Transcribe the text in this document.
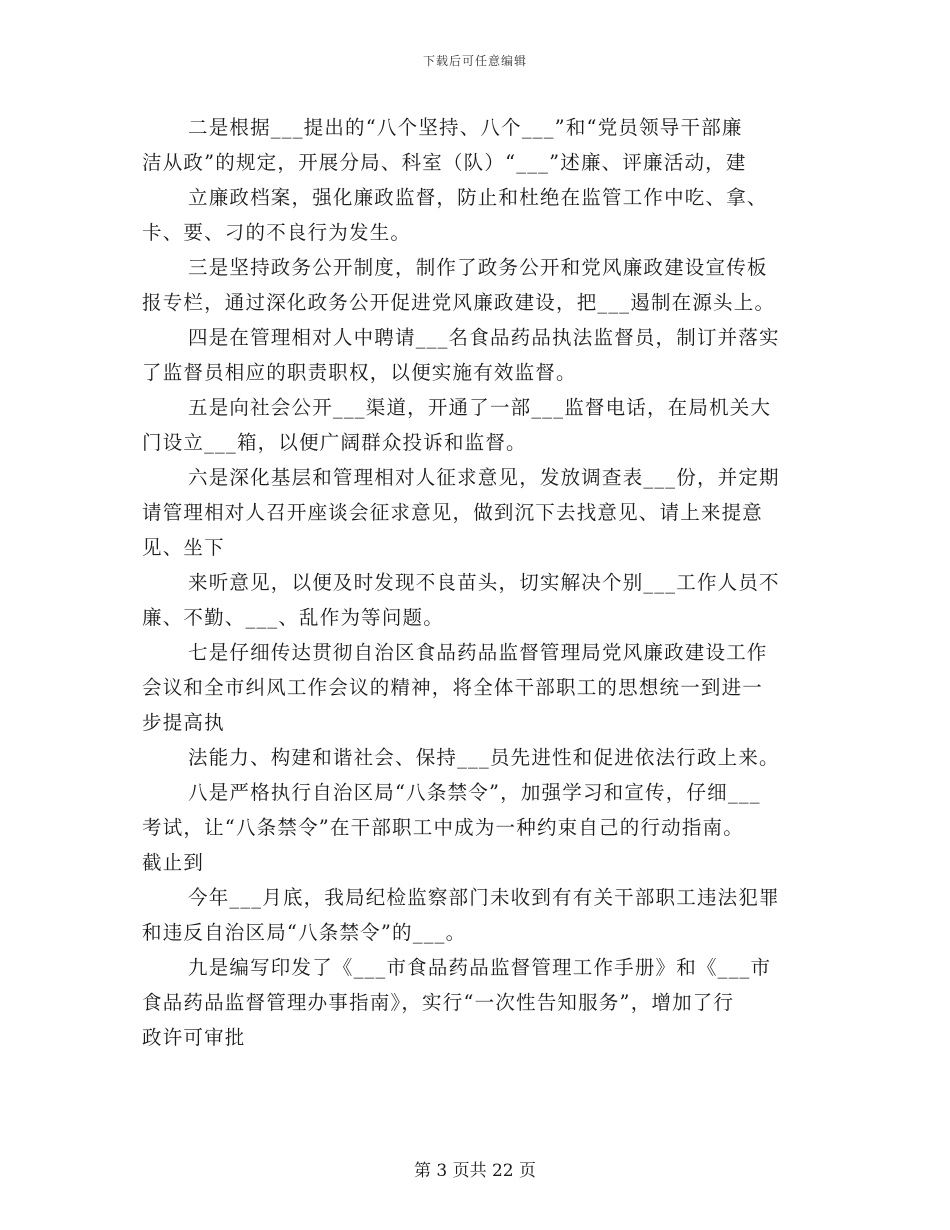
下载后可任意编辑
二是根据___提出的“八个坚持、八个___”和“党员领导干部廉
洁从政”的规定，开展分局、科室（队）“___”述廉、评廉活动，建
立廉政档案，强化廉政监督，防止和杜绝在监管工作中吃、拿、
卡、要、刁的不良行为发生。
三是坚持政务公开制度，制作了政务公开和党风廉政建设宣传板
报专栏，通过深化政务公开促进党风廉政建设，把___遏制在源头上。
四是在管理相对人中聘请___名食品药品执法监督员，制订并落实
了监督员相应的职责职权，以便实施有效监督。
五是向社会公开___渠道，开通了一部___监督电话，在局机关大
门设立___箱，以便广阔群众投诉和监督。
六是深化基层和管理相对人征求意见，发放调查表___份，并定期
请管理相对人召开座谈会征求意见，做到沉下去找意见、请上来提意
见、坐下
来听意见，以便及时发现不良苗头，切实解决个别___工作人员不
廉、不勤、___、乱作为等问题。
七是仔细传达贯彻自治区食品药品监督管理局党风廉政建设工作
会议和全市纠风工作会议的精神，将全体干部职工的思想统一到进一
步提高执
法能力、构建和谐社会、保持___员先进性和促进依法行政上来。
八是严格执行自治区局“八条禁令”，加强学习和宣传，仔细___
考试，让“八条禁令”在干部职工中成为一种约束自己的行动指南。
截止到
今年___月底，我局纪检监察部门未收到有有关干部职工违法犯罪
和违反自治区局“八条禁令”的___。
九是编写印发了《___市食品药品监督管理工作手册》和《___市
食品药品监督管理办事指南》，实行“一次性告知服务”，增加了行
政许可审批
第 3 页共 22 页
